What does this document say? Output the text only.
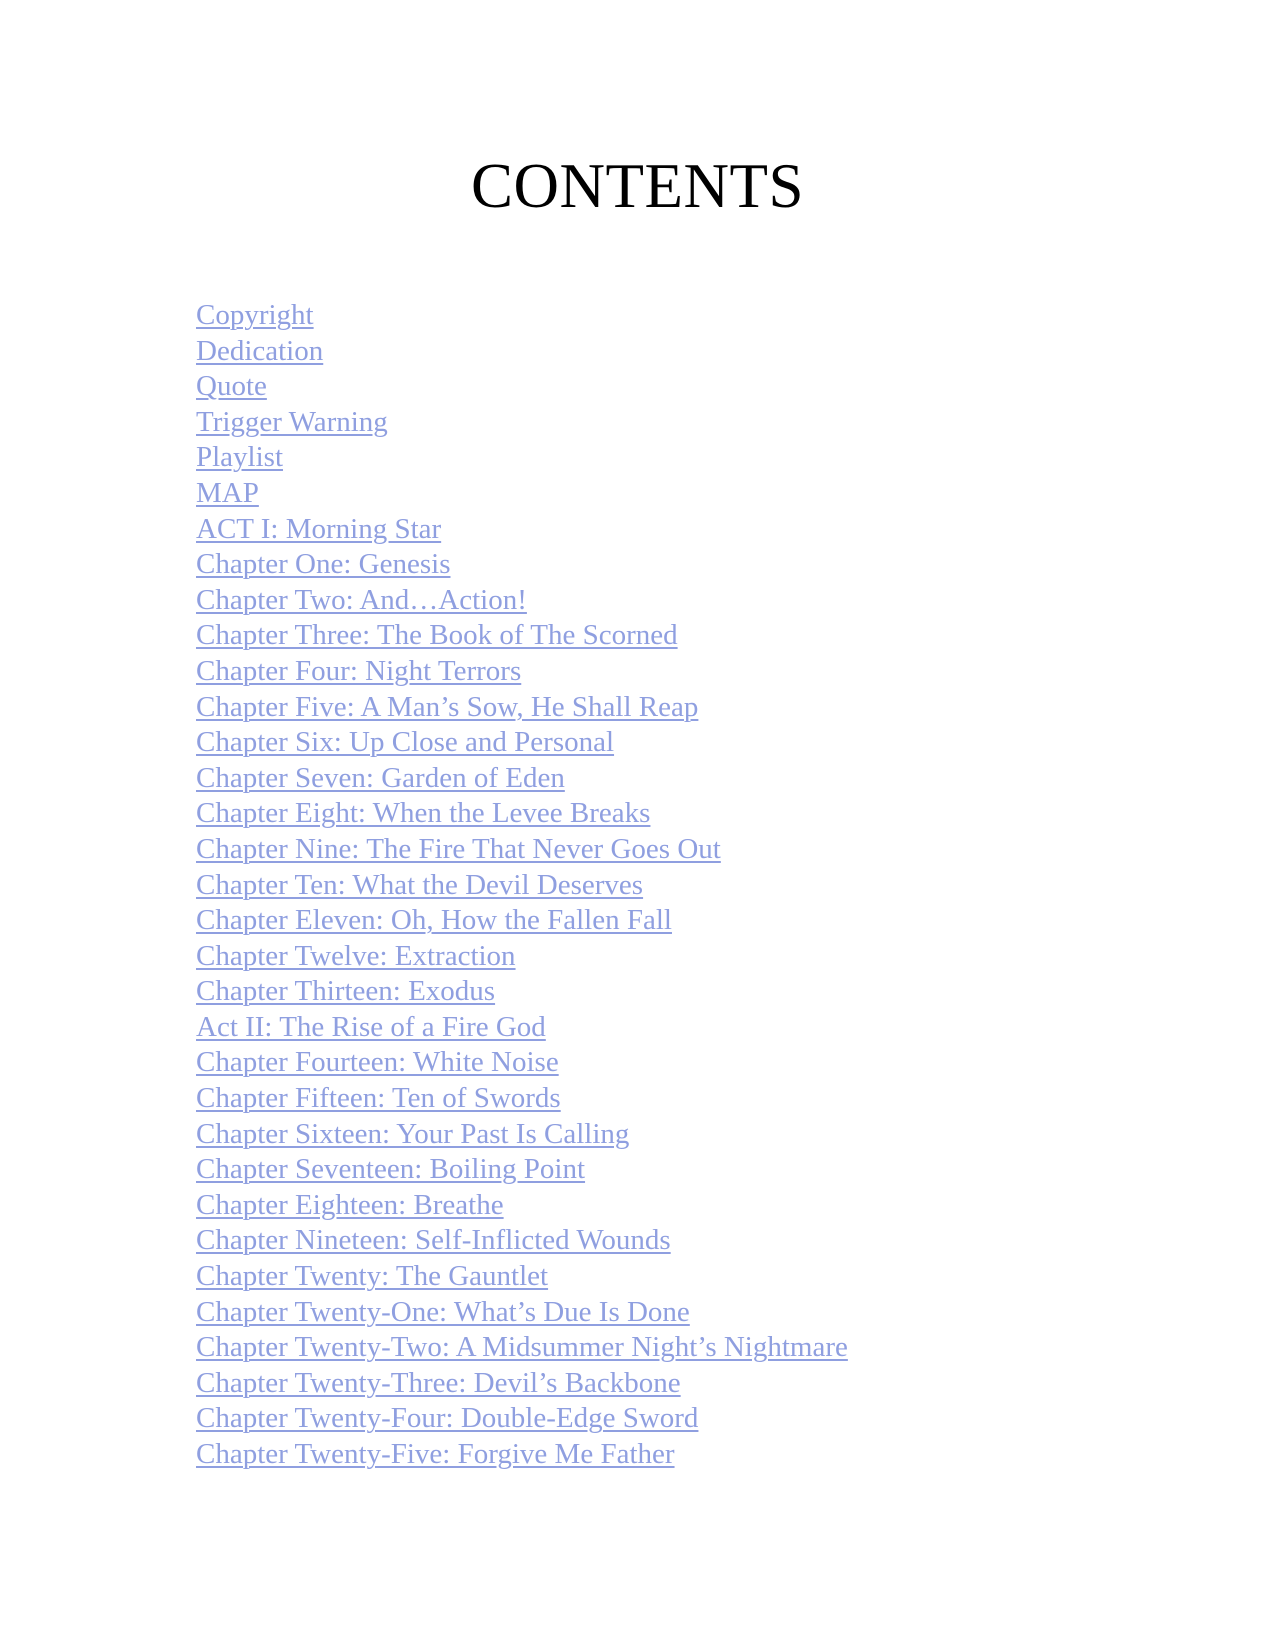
CONTENTS
Copyright
Dedication
Quote
Trigger Warning
Playlist
MAP
ACT I: Morning Star
Chapter One: Genesis
Chapter Two: And…Action!
Chapter Three: The Book of The Scorned
Chapter Four: Night Terrors
Chapter Five: A Man’s Sow, He Shall Reap
Chapter Six: Up Close and Personal
Chapter Seven: Garden of Eden
Chapter Eight: When the Levee Breaks
Chapter Nine: The Fire That Never Goes Out
Chapter Ten: What the Devil Deserves
Chapter Eleven: Oh, How the Fallen Fall
Chapter Twelve: Extraction
Chapter Thirteen: Exodus
Act II: The Rise of a Fire God
Chapter Fourteen: White Noise
Chapter Fifteen: Ten of Swords
Chapter Sixteen: Your Past Is Calling
Chapter Seventeen: Boiling Point
Chapter Eighteen: Breathe
Chapter Nineteen: Self-Inflicted Wounds
Chapter Twenty: The Gauntlet
Chapter Twenty-One: What’s Due Is Done
Chapter Twenty-Two: A Midsummer Night’s Nightmare
Chapter Twenty-Three: Devil’s Backbone
Chapter Twenty-Four: Double-Edge Sword
Chapter Twenty-Five: Forgive Me Father
